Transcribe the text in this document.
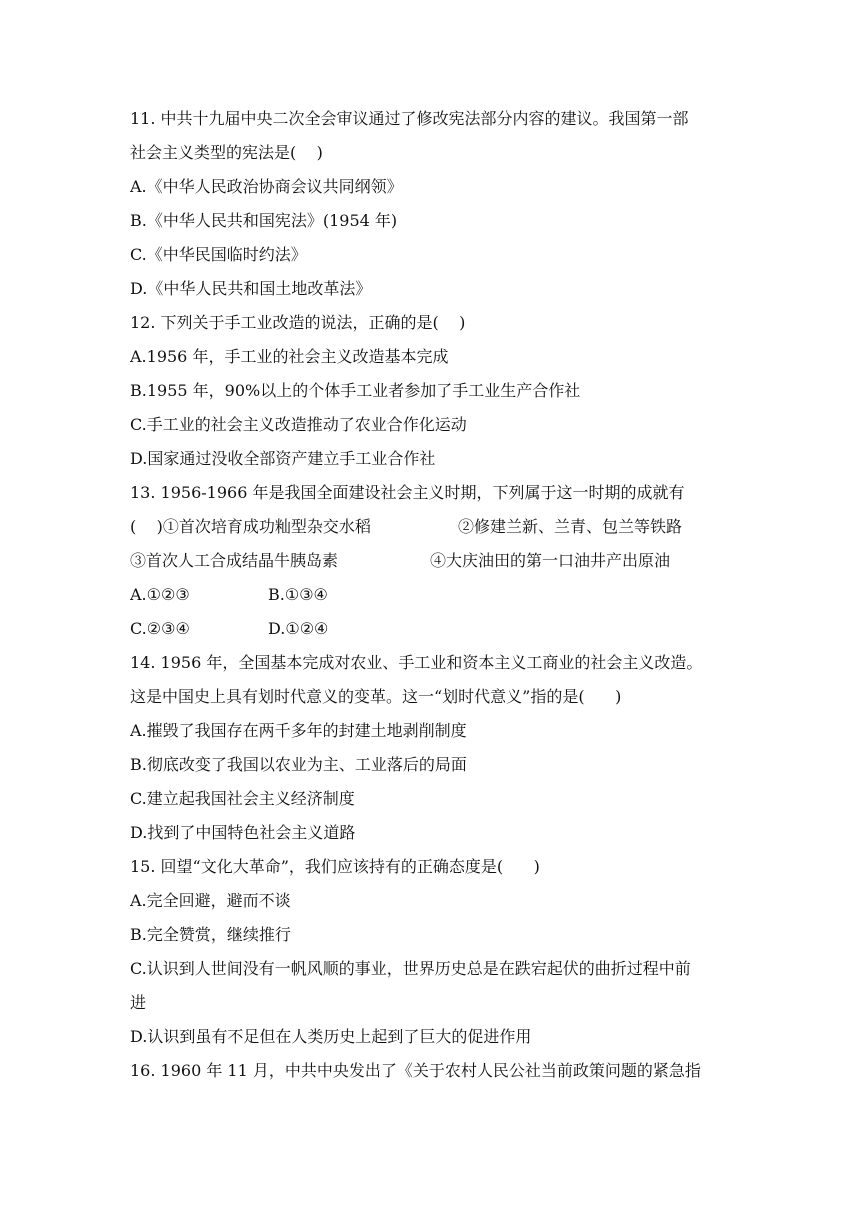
11. 中共十九届中央二次全会审议通过了修改宪法部分内容的建议。我国第一部
社会主义类型的宪法是(    )
A.《中华人民政治协商会议共同纲领》
B.《中华人民共和国宪法》(1954 年)
C.《中华民国临时约法》
D.《中华人民共和国土地改革法》
12. 下列关于手工业改造的说法，正确的是(    )
A.1956 年，手工业的社会主义改造基本完成
B.1955 年，90%以上的个体手工业者参加了手工业生产合作社
C.手工业的社会主义改造推动了农业合作化运动
D.国家通过没收全部资产建立手工业合作社
13. 1956-1966 年是我国全面建设社会主义时期，下列属于这一时期的成就有
(    )①首次培育成功籼型杂交水稻	②修建兰新、兰青、包兰等铁路
③首次人工合成结晶牛胰岛素	④大庆油田的第一口油井产出原油
A.①②③	B.①③④
C.②③④	D.①②④
14. 1956 年，全国基本完成对农业、手工业和资本主义工商业的社会主义改造。
这是中国史上具有划时代意义的变革。这一“划时代意义”指的是(      )
A.摧毁了我国存在两千多年的封建土地剥削制度
B.彻底改变了我国以农业为主、工业落后的局面
C.建立起我国社会主义经济制度
D.找到了中国特色社会主义道路
15. 回望“文化大革命”，我们应该持有的正确态度是(      )
A.完全回避，避而不谈
B.完全赞赏，继续推行
C.认识到人世间没有一帆风顺的事业，世界历史总是在跌宕起伏的曲折过程中前
进
D.认识到虽有不足但在人类历史上起到了巨大的促进作用
16. 1960 年 11 月，中共中央发出了《关于农村人民公社当前政策问题的紧急指
